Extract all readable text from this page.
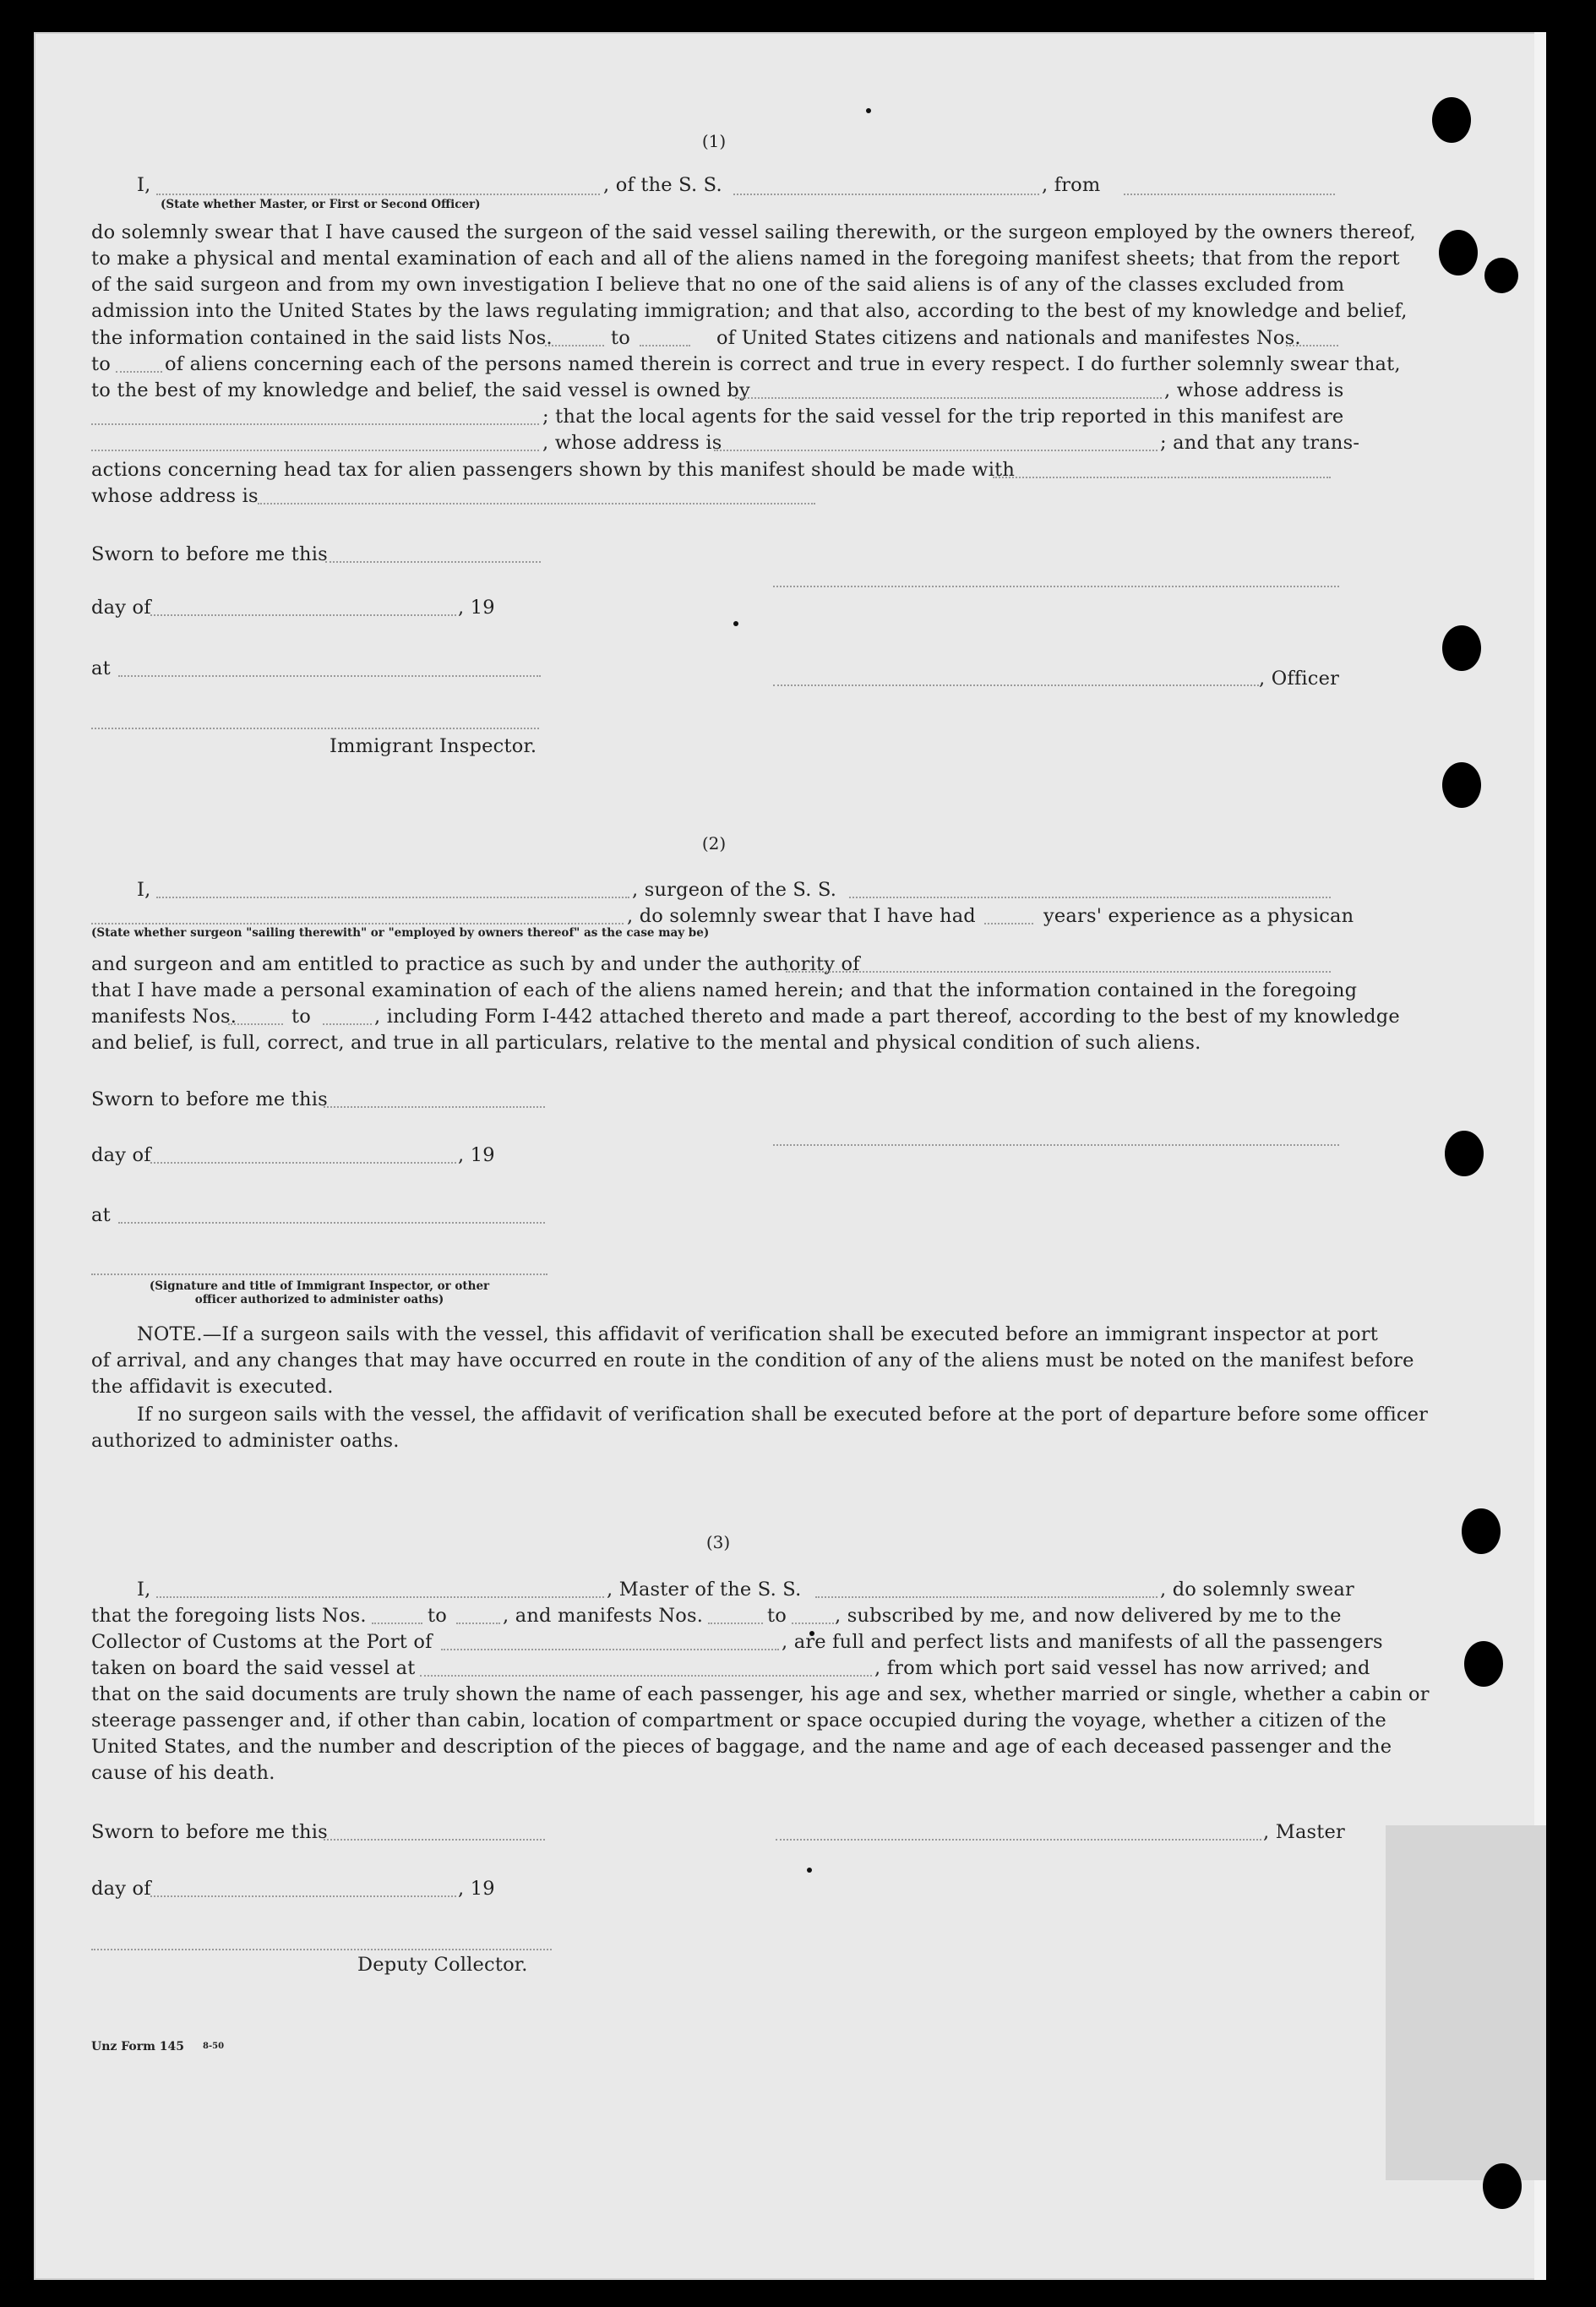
(1)
I,	, of the S. S.	, from
(State whether Master, or First or Second Officer)
do solemnly swear that I have caused the surgeon of the said vessel sailing therewith, or the surgeon employed by the owners thereof,
to make a physical and mental examination of each and all of the aliens named in the foregoing manifest sheets; that from the report
of the said surgeon and from my own investigation I believe that no one of the said aliens is of any of the classes excluded from
admission into the United States by the laws regulating immigration; and that also, according to the best of my knowledge and belief,
the information contained in the said lists Nos.	to	of United States citizens and nationals and manifestes Nos.
to	of aliens concerning each of the persons named therein is correct and true in every respect. I do further solemnly swear that,
to the best of my knowledge and belief, the said vessel is owned by	, whose address is
; that the local agents for the said vessel for the trip reported in this manifest are
, whose address is	; and that any trans-
actions concerning head tax for alien passengers shown by this manifest should be made with
whose address is
Sworn to before me this
day of	, 19
at	, Officer
Immigrant Inspector.
(2)
I,	, surgeon of the S. S.
, do solemnly swear that I have had	years' experience as a physican
(State whether surgeon "sailing therewith" or "employed by owners thereof" as the case may be)
and surgeon and am entitled to practice as such by and under the authority of
that I have made a personal examination of each of the aliens named herein; and that the information contained in the foregoing
manifests Nos.	to	, including Form I-442 attached thereto and made a part thereof, according to the best of my knowledge
and belief, is full, correct, and true in all particulars, relative to the mental and physical condition of such aliens.
Sworn to before me this
day of	, 19
at
(Signature and title of Immigrant Inspector, or other
officer authorized to administer oaths)
NOTE.—If a surgeon sails with the vessel, this affidavit of verification shall be executed before an immigrant inspector at port
of arrival, and any changes that may have occurred en route in the condition of any of the aliens must be noted on the manifest before
the affidavit is executed.
If no surgeon sails with the vessel, the affidavit of verification shall be executed before at the port of departure before some officer
authorized to administer oaths.
(3)
I,	, Master of the S. S.	, do solemnly swear
that the foregoing lists Nos.	to	, and manifests Nos.	to	, subscribed by me, and now delivered by me to the
Collector of Customs at the Port of	, are full and perfect lists and manifests of all the passengers
taken on board the said vessel at	, from which port said vessel has now arrived; and
that on the said documents are truly shown the name of each passenger, his age and sex, whether married or single, whether a cabin or
steerage passenger and, if other than cabin, location of compartment or space occupied during the voyage, whether a citizen of the
United States, and the number and description of the pieces of baggage, and the name and age of each deceased passenger and the
cause of his death.
Sworn to before me this	, Master
day of	, 19
Deputy Collector.
Unz Form 145 8-50
